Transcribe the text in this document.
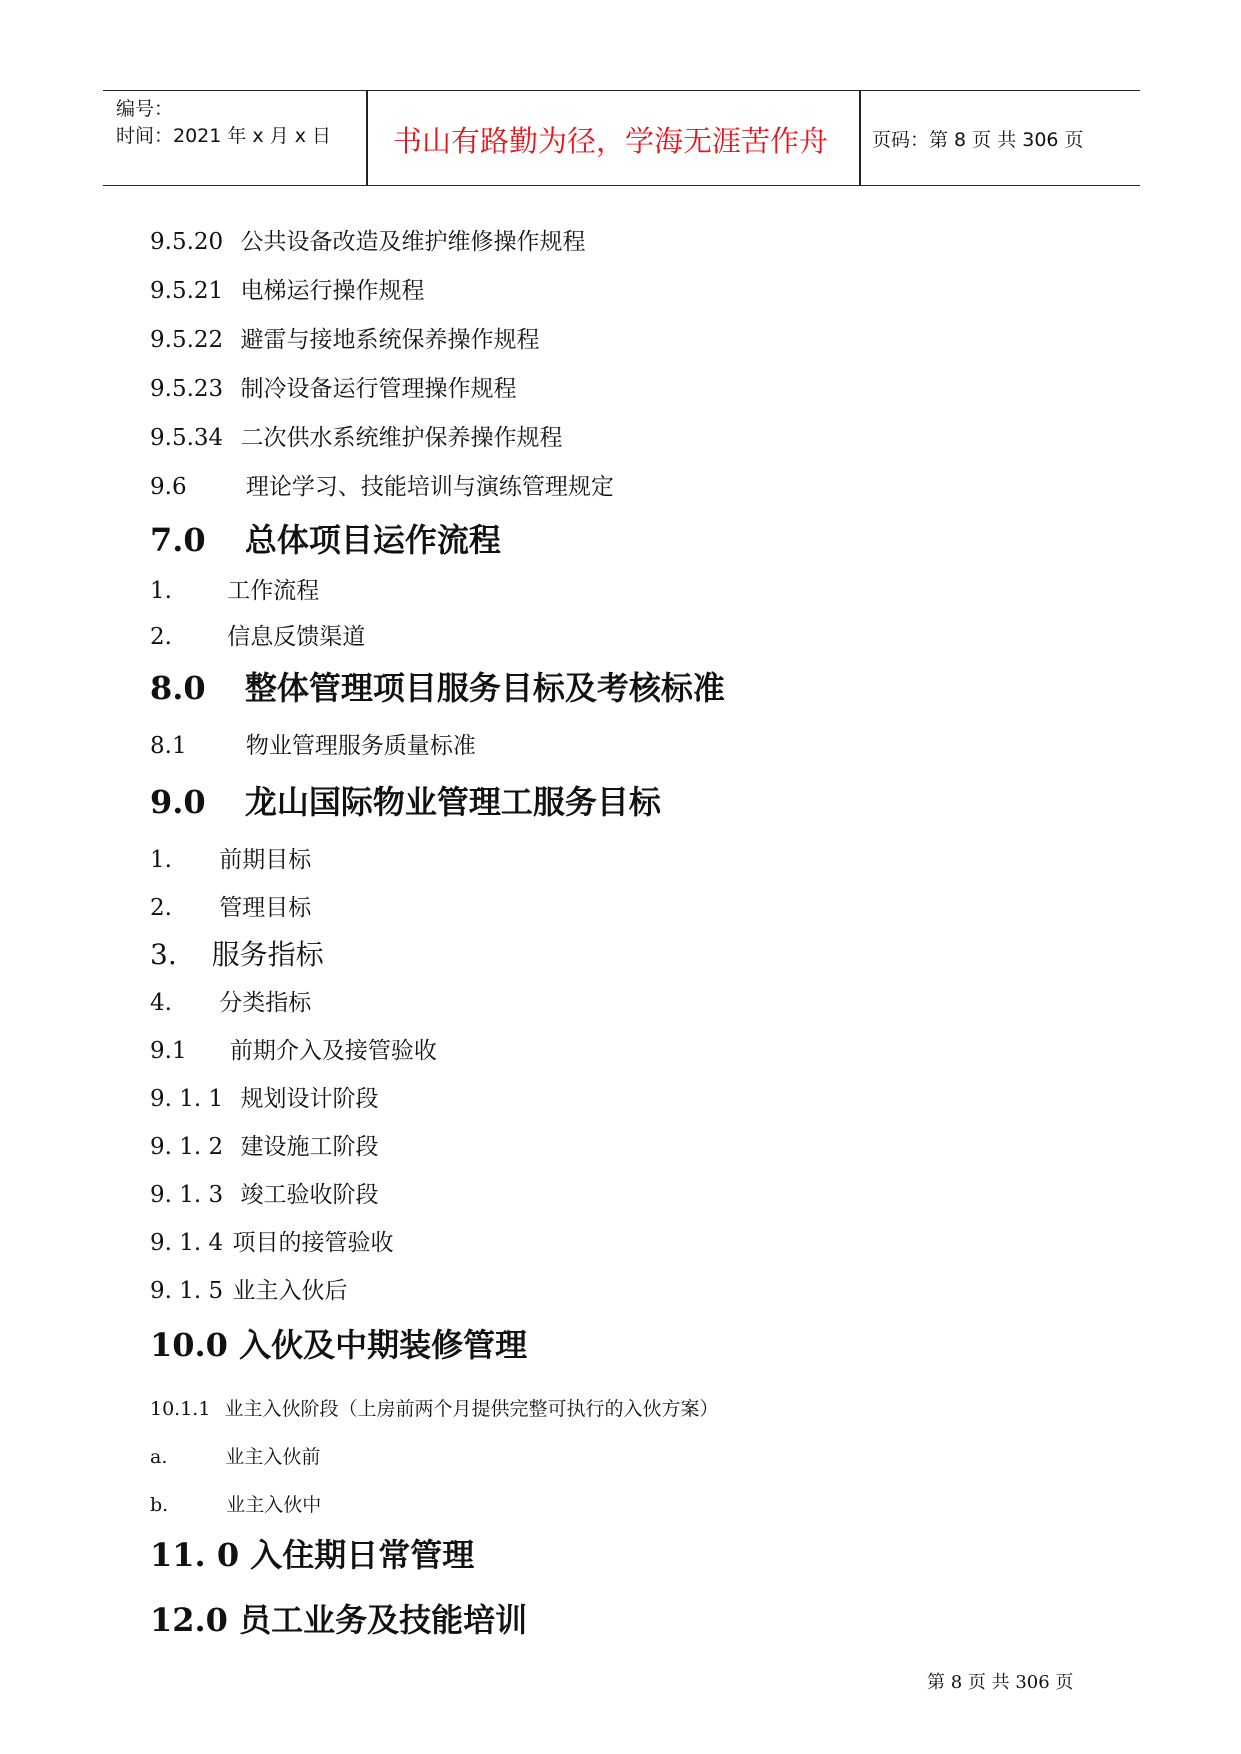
编号：
时间：2021 年 x 月 x 日 书山有路勤为径，学海无涯苦作舟 页码：第 8 页 共 306 页
9.5.20 公共设备改造及维护维修操作规程
9.5.21 电梯运行操作规程
9.5.22 避雷与接地系统保养操作规程
9.5.23 制冷设备运行管理操作规程
9.5.34 二次供水系统维护保养操作规程
9.6	理论学习、技能培训与演练管理规定
7.0 总体项目运作流程
1. 工作流程
2. 信息反馈渠道
8.0 整体管理项目服务目标及考核标准
8.1	物业管理服务质量标准
9.0 龙山国际物业管理工服务目标
1. 前期目标
2. 管理目标
3. 服务指标
4. 分类指标
9.1 前期介入及接管验收
9. 1. 1 规划设计阶段
9. 1. 2 建设施工阶段
9. 1. 3 竣工验收阶段
9. 1. 4 项目的接管验收
9. 1. 5 业主入伙后
10.0 入伙及中期装修管理
10.1.1 业主入伙阶段（上房前两个月提供完整可执行的入伙方案）
a.	业主入伙前
b.	业主入伙中
11. 0 入住期日常管理
12.0 员工业务及技能培训
第 8 页 共 306 页
